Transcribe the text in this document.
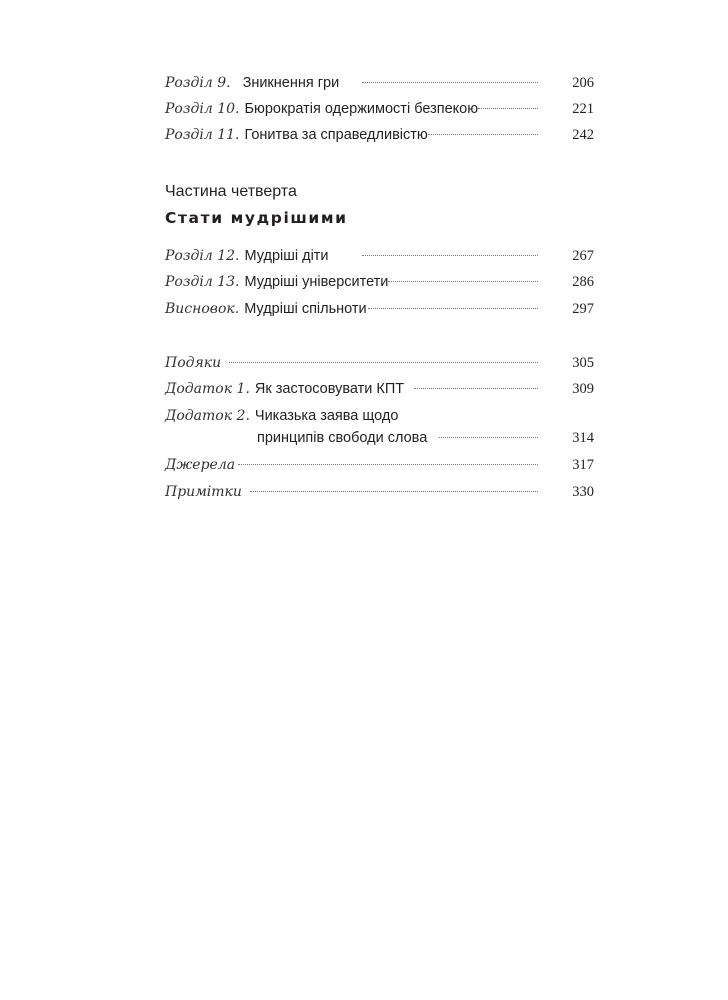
Розділ 9. Зникнення гри	206
Розділ 10. Бюрократія одержимості безпекою	221
Розділ 11. Гонитва за справедливістю	242
Частина четверта
Стати мудрішими
Розділ 12. Мудріші діти	267
Розділ 13. Мудріші університети	286
Висновок. Мудріші спільноти	297
Подяки	305
Додаток 1. Як застосовувати КПТ	309
Додаток 2. Чиказька заява щодо
принципів свободи слова	314
Джерела	317
Примітки	330
